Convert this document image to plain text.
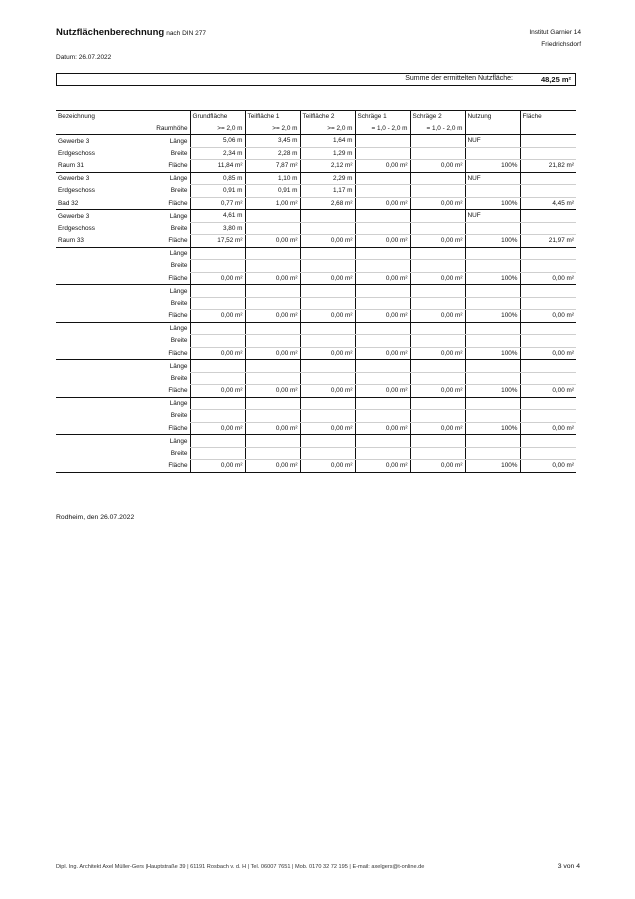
Nutzflächenberechnung nach DIN 277	Institut Garnier 14
Friedrichsdorf
Datum: 26.07.2022
Summe der ermittelten Nutzfläche:	48,25 m²
Bezeichnung		Grundfläche	Teilfläche 1	Teilfläche 2	Schräge 1	Schräge 2	Nutzung	Fläche
	Raumhöhe	>= 2,0 m	>= 2,0 m	>= 2,0 m	= 1,0 - 2,0 m	= 1,0 - 2,0 m		
Gewerbe 3	Länge	5,06 m	3,45 m	1,64 m			NUF	
Erdgeschoss	Breite	2,34 m	2,28 m	1,29 m				
Raum 31	Fläche	11,84 m²	7,87 m²	2,12 m²	0,00 m²	0,00 m²	100%	21,82 m²
Gewerbe 3	Länge	0,85 m	1,10 m	2,29 m			NUF	
Erdgeschoss	Breite	0,91 m	0,91 m	1,17 m				
Bad 32	Fläche	0,77 m²	1,00 m²	2,68 m²	0,00 m²	0,00 m²	100%	4,45 m²
Gewerbe 3	Länge	4,61 m					NUF	
Erdgeschoss	Breite	3,80 m						
Raum 33	Fläche	17,52 m²	0,00 m²	0,00 m²	0,00 m²	0,00 m²	100%	21,97 m²
	Länge							
	Breite							
	Fläche	0,00 m²	0,00 m²	0,00 m²	0,00 m²	0,00 m²	100%	0,00 m²
	Länge							
	Breite							
	Fläche	0,00 m²	0,00 m²	0,00 m²	0,00 m²	0,00 m²	100%	0,00 m²
	Länge							
	Breite							
	Fläche	0,00 m²	0,00 m²	0,00 m²	0,00 m²	0,00 m²	100%	0,00 m²
	Länge							
	Breite							
	Fläche	0,00 m²	0,00 m²	0,00 m²	0,00 m²	0,00 m²	100%	0,00 m²
	Länge							
	Breite							
	Fläche	0,00 m²	0,00 m²	0,00 m²	0,00 m²	0,00 m²	100%	0,00 m²
	Länge							
	Breite							
	Fläche	0,00 m²	0,00 m²	0,00 m²	0,00 m²	0,00 m²	100%	0,00 m²
Rodheim, den 26.07.2022
Dipl. Ing. Architekt Axel Müller-Gers |Hauptstraße 39 | 61191 Rosbach v. d. H | Tel. 06007 7651 | Mob. 0170 32 72 195 | E-mail: axelgers@t-online.de	3 von 4
